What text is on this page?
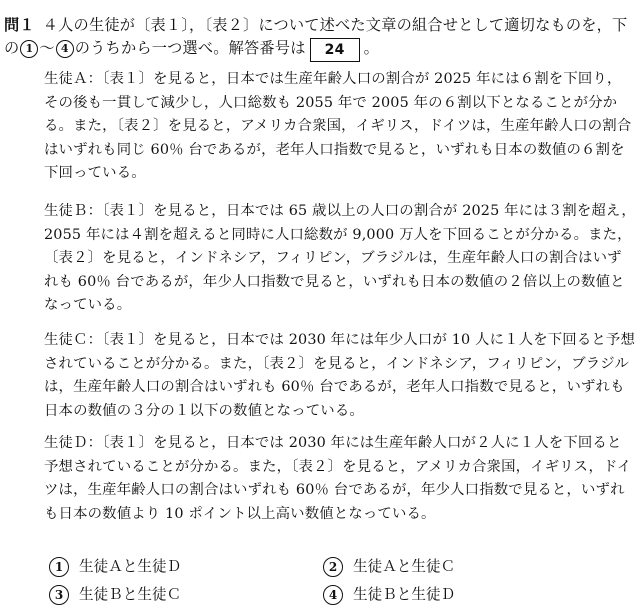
問１ ４人の生徒が〔表１〕，〔表２〕について述べた文章の組合せとして適切なものを，下の 1 〜 4 のうちから一つ選べ。解答番号は 24 。
生徒Ａ：〔表１〕を見ると，日本では生産年齢人口の割合が 2025 年には６割を下回り，その後も一貫して減少し，人口総数も 2055 年で 2005 年の６割以下となることが分かる。また，〔表２〕を見ると，アメリカ合衆国，イギリス，ドイツは，生産年齢人口の割合はいずれも同じ 60％ 台であるが，老年人口指数で見ると，いずれも日本の数値の６割を下回っている。
生徒Ｂ：〔表１〕を見ると，日本では 65 歳以上の人口の割合が 2025 年には３割を超え，2055 年には４割を超えると同時に人口総数が 9,000 万人を下回ることが分かる。また，〔表２〕を見ると，インドネシア，フィリピン，ブラジルは，生産年齢人口の割合はいずれも 60％ 台であるが，年少人口指数で見ると，いずれも日本の数値の２倍以上の数値となっている。
生徒Ｃ：〔表１〕を見ると，日本では 2030 年には年少人口が 10 人に１人を下回ると予想されていることが分かる。また，〔表２〕を見ると，インドネシア，フィリピン，ブラジルは，生産年齢人口の割合はいずれも 60％ 台であるが，老年人口指数で見ると，いずれも日本の数値の３分の１以下の数値となっている。
生徒Ｄ：〔表１〕を見ると，日本では 2030 年には生産年齢人口が２人に１人を下回ると予想されていることが分かる。また，〔表２〕を見ると，アメリカ合衆国，イギリス，ドイツは，生産年齢人口の割合はいずれも 60％ 台であるが，年少人口指数で見ると，いずれも日本の数値より 10 ポイント以上高い数値となっている。
1	生徒Ａと生徒Ｄ	2	生徒Ａと生徒Ｃ
3	生徒Ｂと生徒Ｃ	4	生徒Ｂと生徒Ｄ
